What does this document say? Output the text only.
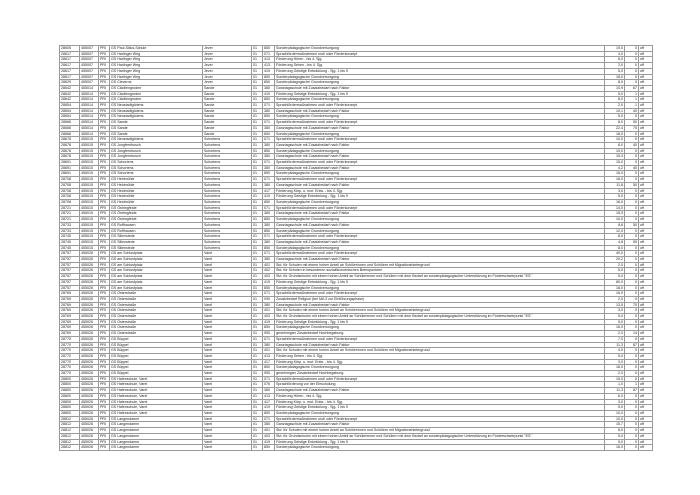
28605	455007	PRI	GS Paul-Sillus-Schule	Jever	01	850	Sonderpädagogische Grundversorgung	19,0	0	off
28617	455007	PRI	GS Harlinger Weg	Jever	01	071	Sprachfördermaßnahmen und/ oder Förderkonzept	4,0	0	off
28617	455007	PRI	GS Harlinger Weg	Jever	01	413	Förderung Hören - bis 4. Sjg.	6,0	0	off
28617	455007	PRI	GS Harlinger Weg	Jever	01	413	Förderung Sehen - bis 4. Sjg.	2,0	0	off
28617	455007	PRI	GS Harlinger Weg	Jever	01	419	Förderung Geistige Entwicklung - Sjg. 1 bis 9	5,0	0	off
28617	455007	PRI	GS Harlinger Weg	Jever	01	850	Sonderpädagogische Grundversorgung	18,0	0	off
28629	455007	PRI	GS Cleverns	Jever	01	850	Sonderpädagogische Grundversorgung	8,0	0	off
28642	455014	PRI	GS Cäciliengroden	Sande	01	380	Ganztagsschule mit Zusatzbedarf nach Faktor	10,9	67	off
28642	455014	PRI	GS Cäciliengroden	Sande	01	419	Förderung Geistige Entwicklung - Sjg. 1 bis 9	5,0	1	off
28642	455014	PRI	GS Cäciliengroden	Sande	01	850	Sonderpädagogische Grundversorgung	8,0	1	off
28654	455014	PRI	GS Neustadtgödens	Sande	01	071	Sprachfördermaßnahmen und/ oder Förderkonzept	2,0	1	off
28654	455014	PRI	GS Neustadtgödens	Sande	01	380	Ganztagsschule mit Zusatzbedarf nach Faktor	10,1	40	off
28654	455014	PRI	GS Neustadtgödens	Sande	01	850	Sonderpädagogische Grundversorgung	5,0	0	off
28666	455014	PRI	GS Sande	Sande	01	071	Sprachfördermaßnahmen und/ oder Förderkonzept	8,0	50	off
28666	455014	PRI	GS Sande	Sande	01	380	Ganztagsschule mit Zusatzbedarf nach Faktor	22,4	75	off
28666	455014	PRI	GS Sande	Sande	01	850	Sonderpädagogische Grundversorgung	18,0	0	off
28678	455015	PRI	GS Neustadtgödens	Schortens	01	071	Sprachfördermaßnahmen und/ oder Förderkonzept	10,0	0	off
28678	455015	PRI	GS Jungfernbusch	Schortens	01	380	Ganztagsschule mit Zusatzbedarf nach Faktor	8,0	40	off
28678	455015	PRI	GS Jungfernbusch	Schortens	01	850	Sonderpädagogische Grundversorgung	10,0	0	off
28678	455015	PRI	GS Jungfernbusch	Schortens	01	380	Ganztagsschule mit Zusatzbedarf nach Faktor	15,3	0	off
28691	455015	PRI	GS Schortens	Schortens	01	071	Sprachfördermaßnahmen und/ oder Förderkonzept	15,0	0	off
28691	455015	PRI	GS Schortens	Schortens	01	380	Ganztagsschule mit Zusatzbedarf nach Faktor	4,2	40	off
28691	455015	PRI	GS Schortens	Schortens	01	850	Sonderpädagogische Grundversorgung	16,0	0	off
28708	455015	PRI	GS Heidmühle	Schortens	01	071	Sprachfördermaßnahmen und/ oder Förderkonzept	16,0	0	off
28708	455015	PRI	GS Heidmühle	Schortens	01	380	Ganztagsschule mit Zusatzbedarf nach Faktor	11,8	50	off
28708	455015	PRI	GS Heidmühle	Schortens	01	417	Förderung Körp. u. mot. Entw. - bis 4. Sjg.	3,0	0	off
28708	455015	PRI	GS Heidmühle	Schortens	01	419	Förderung Geistige Entwicklung - Sjg. 1 bis 9	5,0	0	off
28708	455015	PRI	GS Heidmühle	Schortens	01	850	Sonderpädagogische Grundversorgung	16,0	0	off
28721	455015	PRI	GS Östringfelde	Schortens	01	071	Sprachfördermaßnahmen und/ oder Förderkonzept	14,0	0	off
28721	455015	PRI	GS Östringfelde	Schortens	01	380	Ganztagsschule mit Zusatzbedarf nach Faktor	15,3	0	off
28721	455015	PRI	GS Östringfelde	Schortens	01	850	Sonderpädagogische Grundversorgung	10,0	0	off
28733	455015	PRI	GS Roffhausen	Schortens	01	380	Ganztagsschule mit Zusatzbedarf nach Faktor	8,8	50	off
28733	455015	PRI	GS Roffhausen	Schortens	01	850	Sonderpädagogische Grundversorgung	12,0	0	off
28745	455015	PRI	GS Sillenstede	Schortens	01	071	Sprachfördermaßnahmen und/ oder Förderkonzept	8,0	0	off
28745	455015	PRI	GS Sillenstede	Schortens	01	380	Ganztagsschule mit Zusatzbedarf nach Faktor	4,8	55	off
28745	455015	PRI	GS Sillenstede	Schortens	01	850	Sonderpädagogische Grundversorgung	8,0	0	off
28757	455026	PRI	GS am Schlosfplatz	Varel	01	071	Sprachfördermaßnahmen und/ oder Förderkonzept	40,0	0	off
28757	455026	PRI	GS am Schlosfplatz	Varel	01	380	Ganztagsschule mit Zusatzbedarf nach Faktor	20,2	0	off
28757	455026	PRI	GS am Schlosfplatz	Varel	01	401	Std. für Schulen mit einem hohen Anteil an Schülerinnen und Schülern mit Migrationshintergrund	2,0	0	off
28757	455026	PRI	GS am Schlosfplatz	Varel	01	402	Std. für Schulen in besonderen sozialökonomischen Brennpunkten	5,0	0	off
28757	455026	PRI	GS am Schlosfplatz	Varel	01	403	Std. für Grundschulen mit einem hohen Anteil an Schülerinnen und Schülern mit dem Bedarf an sonderpädagogischer Unterstützung im Förderschwerpunkt "ES"	5,0	0	off
28757	455026	PRI	GS am Schlosfplatz	Varel	01	419	Förderung Geistige Entwicklung - Sjg. 1 bis 9	80,0	0	off
28757	455026	PRI	GS am Schlosfplatz	Varel	01	850	Sonderpädagogische Grundversorgung	16,0	0	off
28769	455026	PRI	GS Osterstraße	Varel	01	071	Sprachfördermaßnahmen und/ oder Förderkonzept	16,0	0	off
28769	455026	PRI	GS Osterstraße	Varel	01	090	Zusatzbedarf Religion (bei MA 3 zur Einführungsphase)	2,0	0	off
28769	455026	PRI	GS Osterstraße	Varel	01	380	Ganztagsschule mit Zusatzbedarf nach Faktor	13,5	70	off
28769	455026	PRI	GS Osterstraße	Varel	01	401	Std. für Schulen mit einem hohen Anteil an Schülerinnen und Schülern mit Migrationshintergrund	3,0	0	off
28769	455026	PRI	GS Osterstraße	Varel	01	403	Std. für Grundschulen mit einem hohen Anteil an Schülerinnen und Schülern mit dem Bedarf an sonderpädagogischer Unterstützung im Förderschwerpunkt "ES"	5,0	0	off
28769	455026	PRI	GS Osterstraße	Varel	01	419	Förderung Geistige Entwicklung - Sjg. 1 bis 9	5,0	0	off
28769	455026	PRI	GS Osterstraße	Varel	01	850	Sonderpädagogische Grundversorgung	16,0	0	off
28769	455026	PRI	GS Osterstraße	Varel	01	950	genehmigter Zusatzbedarf Hochbegabung	2,0	14	off
28770	455026	PRI	GS Büppel	Varel	01	071	Sprachfördermaßnahmen und/ oder Förderkonzept	7,0	0	off
28770	455026	PRI	GS Büppel	Varel	01	380	Ganztagsschule mit Zusatzbedarf nach Faktor	11,3	87	off
28770	455026	PRI	GS Büppel	Varel	01	401	Std. für Schulen mit einem hohen Anteil an Schülerinnen und Schülern mit Migrationshintergrund	4,0	0	off
28770	455026	PRI	GS Büppel	Varel	01	413	Förderung Sehen - bis 4. Sjg.	5,0	0	off
28770	455026	PRI	GS Büppel	Varel	01	417	Förderung Körp. u. mot. Entw. - bis 4. Sjg.	3,0	0	off
28770	455026	PRI	GS Büppel	Varel	01	850	Sonderpädagogische Grundversorgung	16,0	0	off
28770	455026	PRI	GS Büppel	Varel	01	950	genehmigter Zusatzbedarf Hochbegabung	2,0	0	off
28800	455026	PRI	GS Hafenschule, Varel	Varel	01	071	Sprachfördermaßnahmen und/ oder Förderkonzept	15,0	0	off
28800	455026	PRI	GS Hafenschule, Varel	Varel	01	076	Sprachförderung vor der Einschulung	1,0	1	off
28800	455026	PRI	GS Hafenschule, Varel	Varel	01	380	Ganztagsschule mit Zusatzbedarf nach Faktor	11,3	87	off
28800	455026	PRI	GS Hafenschule, Varel	Varel	01	413	Förderung Hören - bis 4. Sjg.	6,0	0	off
28800	455026	PRI	GS Hafenschule, Varel	Varel	01	417	Förderung Körp. u. mot. Entw. - bis 4. Sjg.	3,0	0	off
28800	455026	PRI	GS Hafenschule, Varel	Varel	01	419	Förderung Geistige Entwicklung - Sjg. 1 bis 9	5,0	0	off
28800	455026	PRI	GS Hafenschule, Varel	Varel	01	850	Sonderpädagogische Grundversorgung	10,0	0	off
28812	455026	PRI	GS Langendamm	Varel	01	071	Sprachfördermaßnahmen und/ oder Förderkonzept	10,0	0	off
28812	455026	PRI	GS Langendamm	Varel	01	380	Ganztagsschule mit Zusatzbedarf nach Faktor	15,7	0	off
28812	455026	PRI	GS Langendamm	Varel	01	401	Std. für Schulen mit einem hohen Anteil an Schülerinnen und Schülern mit Migrationshintergrund	8,0	0	off
28812	455026	PRI	GS Langendamm	Varel	01	403	Std. für Grundschulen mit einem hohen Anteil an Schülerinnen und Schülern mit dem Bedarf an sonderpädagogischer Unterstützung im Förderschwerpunkt "ES"	5,0	0	off
28812	455026	PRI	GS Langendamm	Varel	01	419	Förderung Geistige Entwicklung - Sjg. 1 bis 9	5,0	0	off
28812	455026	PRI	GS Langendamm	Varel	01	850	Sonderpädagogische Grundversorgung	16,0	0	off
